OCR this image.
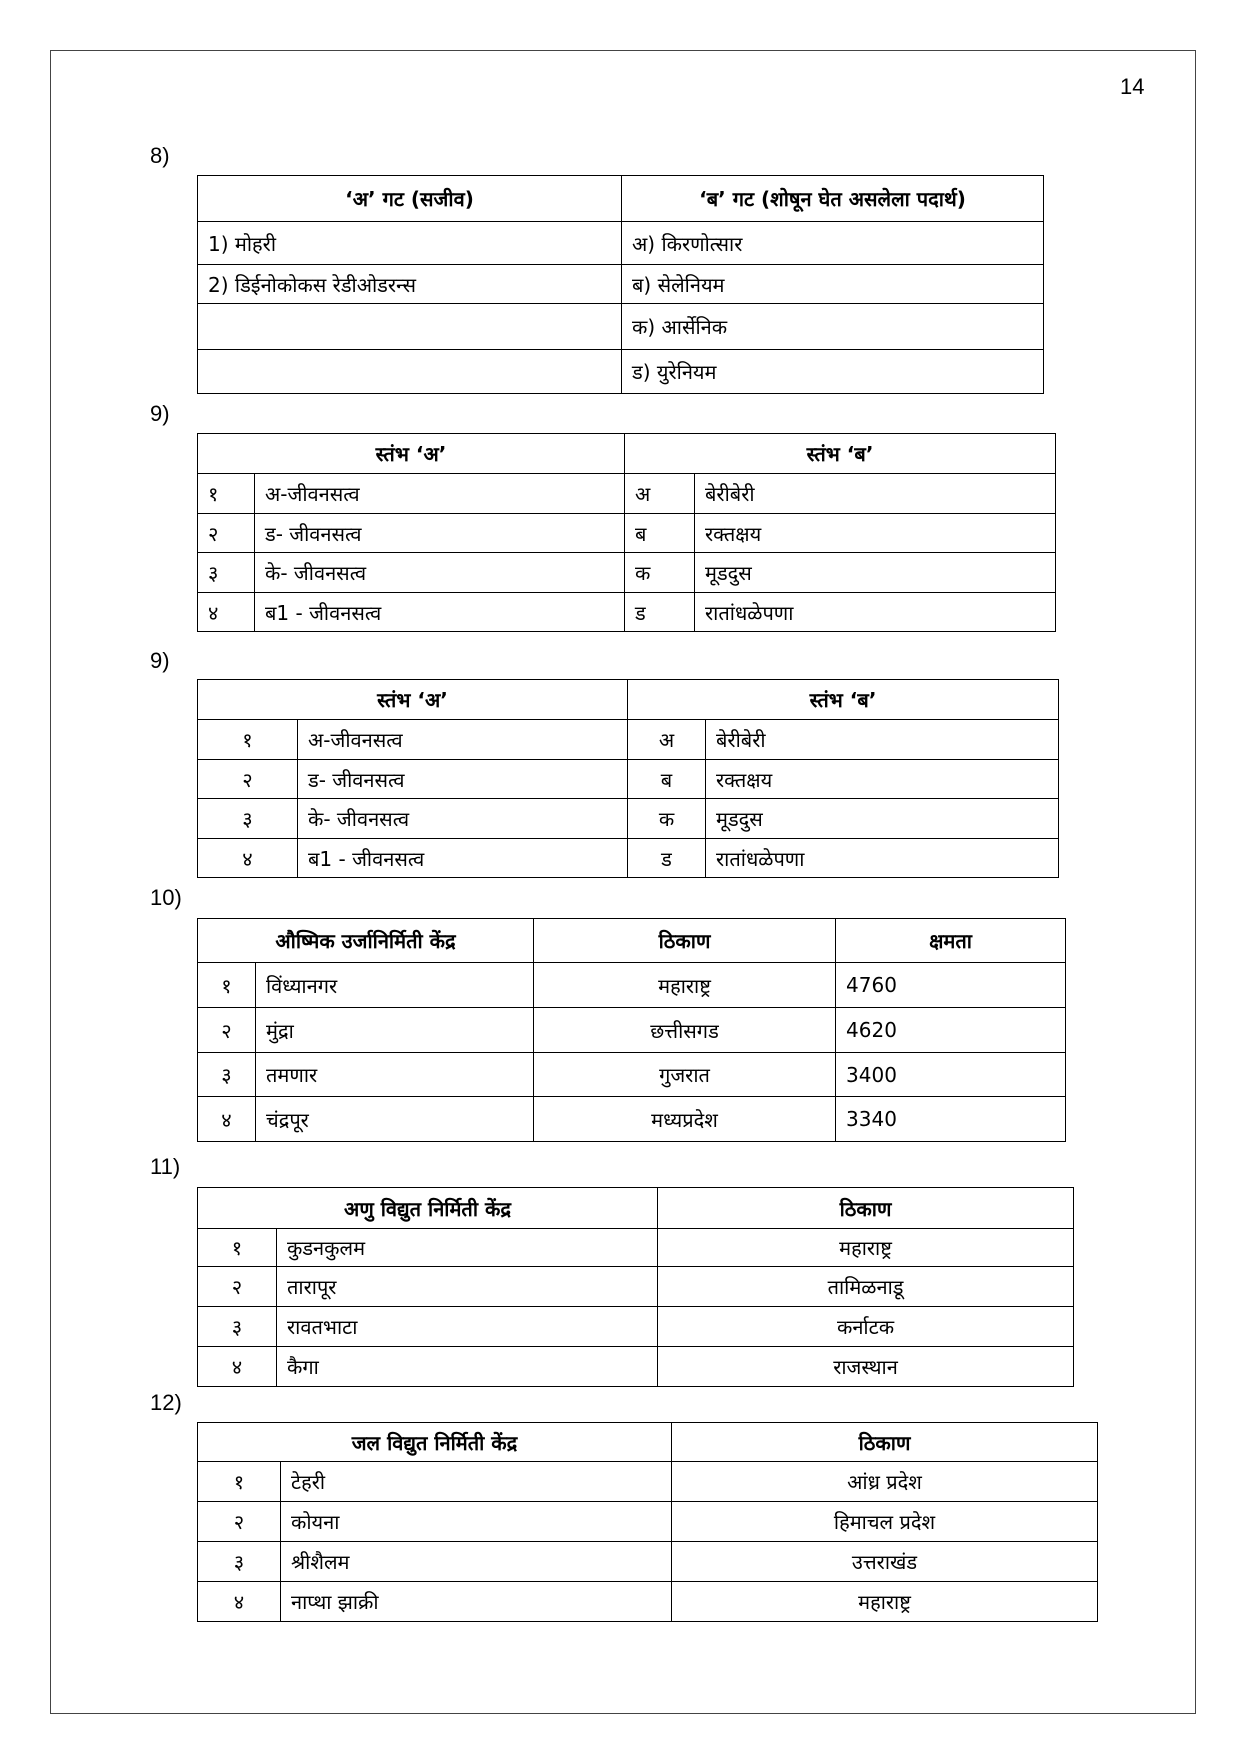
14
8)
‘अ’ गट (सजीव)	‘ब’ गट (शोषून घेत असलेला पदार्थ)
1) मोहरी	अ) किरणोत्सार
2) डिईनोकोकस रेडीओडरन्स	ब) सेलेनियम
	क) आर्सेनिक
	ड) युरेनियम
9)
स्तंभ ‘अ’		स्तंभ ‘ब’	
१	अ-जीवनसत्व	अ	बेरीबेरी
२	ड- जीवनसत्व	ब	रक्तक्षय
३	के- जीवनसत्व	क	मूडदुस
४	ब1 - जीवनसत्व	ड	रातांधळेपणा
9)
स्तंभ ‘अ’		स्तंभ ‘ब’	
१	अ-जीवनसत्व	अ	बेरीबेरी
२	ड- जीवनसत्व	ब	रक्तक्षय
३	के- जीवनसत्व	क	मूडदुस
४	ब1 - जीवनसत्व	ड	रातांधळेपणा
10)
औष्मिक उर्जानिर्मिती केंद्र		ठिकाण	क्षमता
१	विंध्यानगर	महाराष्ट्र	4760
२	मुंद्रा	छत्तीसगड	4620
३	तमणार	गुजरात	3400
४	चंद्रपूर	मध्यप्रदेश	3340
11)
अणु विद्युत निर्मिती केंद्र		ठिकाण
१	कुडनकुलम	महाराष्ट्र
२	तारापूर	तामिळनाडू
३	रावतभाटा	कर्नाटक
४	कैगा	राजस्थान
12)
जल विद्युत निर्मिती केंद्र		ठिकाण
१	टेहरी	आंध्र प्रदेश
२	कोयना	हिमाचल प्रदेश
३	श्रीशैलम	उत्तराखंड
४	नाप्था झाक्री	महाराष्ट्र
